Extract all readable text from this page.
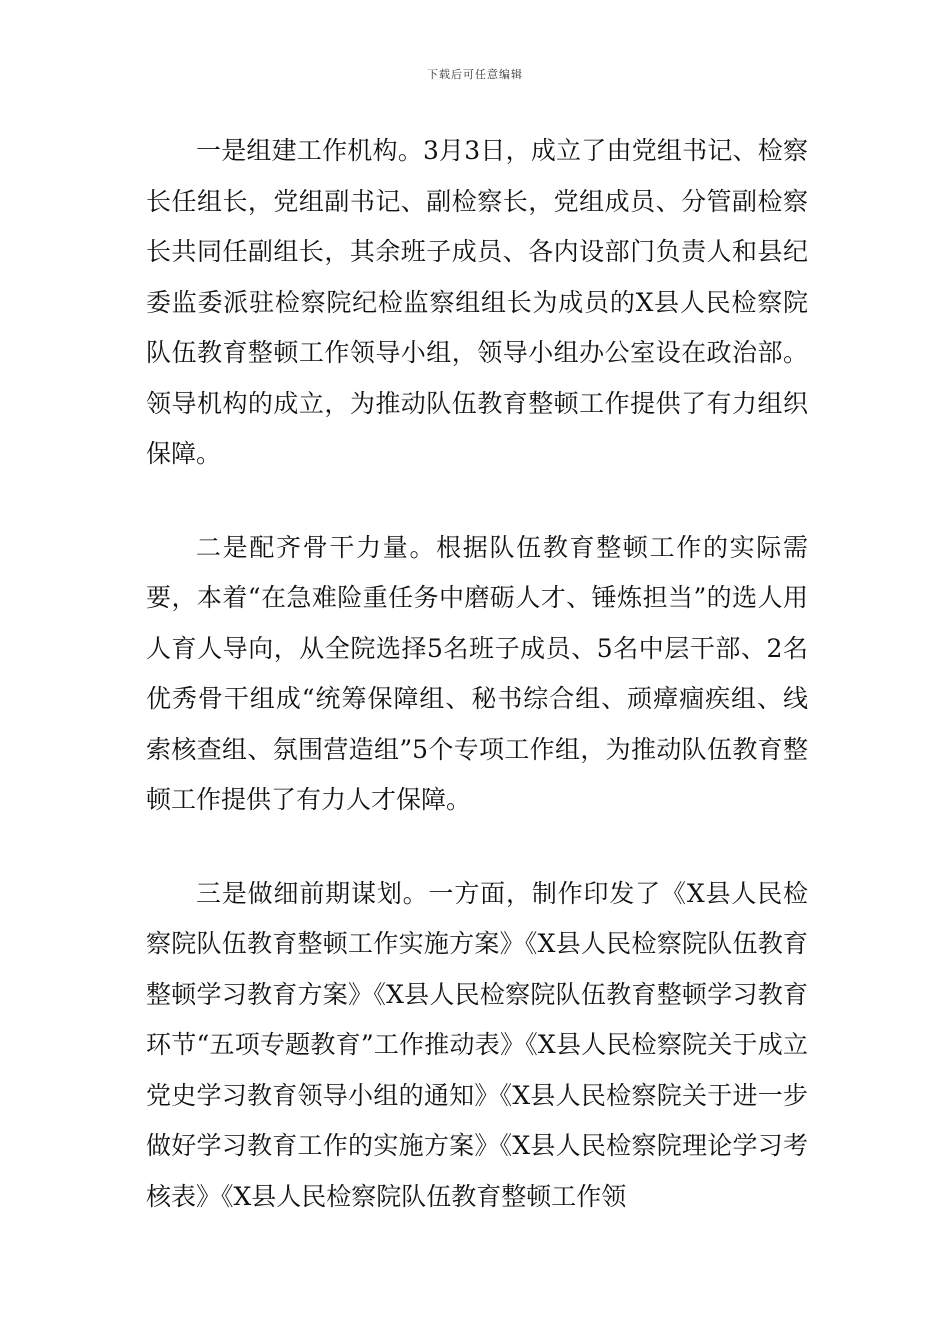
下载后可任意编辑

一是组建工作机构。3月3日，成立了由党组书记、检察长任组长，党组副书记、副检察长，党组成员、分管副检察长共同任副组长，其余班子成员、各内设部门负责人和县纪委监委派驻检察院纪检监察组组长为成员的X县人民检察院队伍教育整顿工作领导小组，领导小组办公室设在政治部。领导机构的成立，为推动队伍教育整顿工作提供了有力组织保障。

二是配齐骨干力量。根据队伍教育整顿工作的实际需要，本着“在急难险重任务中磨砺人才、锤炼担当”的选人用人育人导向，从全院选择5名班子成员、5名中层干部、2名优秀骨干组成“统筹保障组、秘书综合组、顽瘴痼疾组、线索核查组、氛围营造组”5个专项工作组，为推动队伍教育整顿工作提供了有力人才保障。

三是做细前期谋划。一方面，制作印发了《X县人民检察院队伍教育整顿工作实施方案》《X县人民检察院队伍教育整顿学习教育方案》《X县人民检察院队伍教育整顿学习教育环节“五项专题教育”工作推动表》《X县人民检察院关于成立党史学习教育领导小组的通知》《X县人民检察院关于进一步做好学习教育工作的实施方案》《X县人民检察院理论学习考核表》《X县人民检察院队伍教育整顿工作领
